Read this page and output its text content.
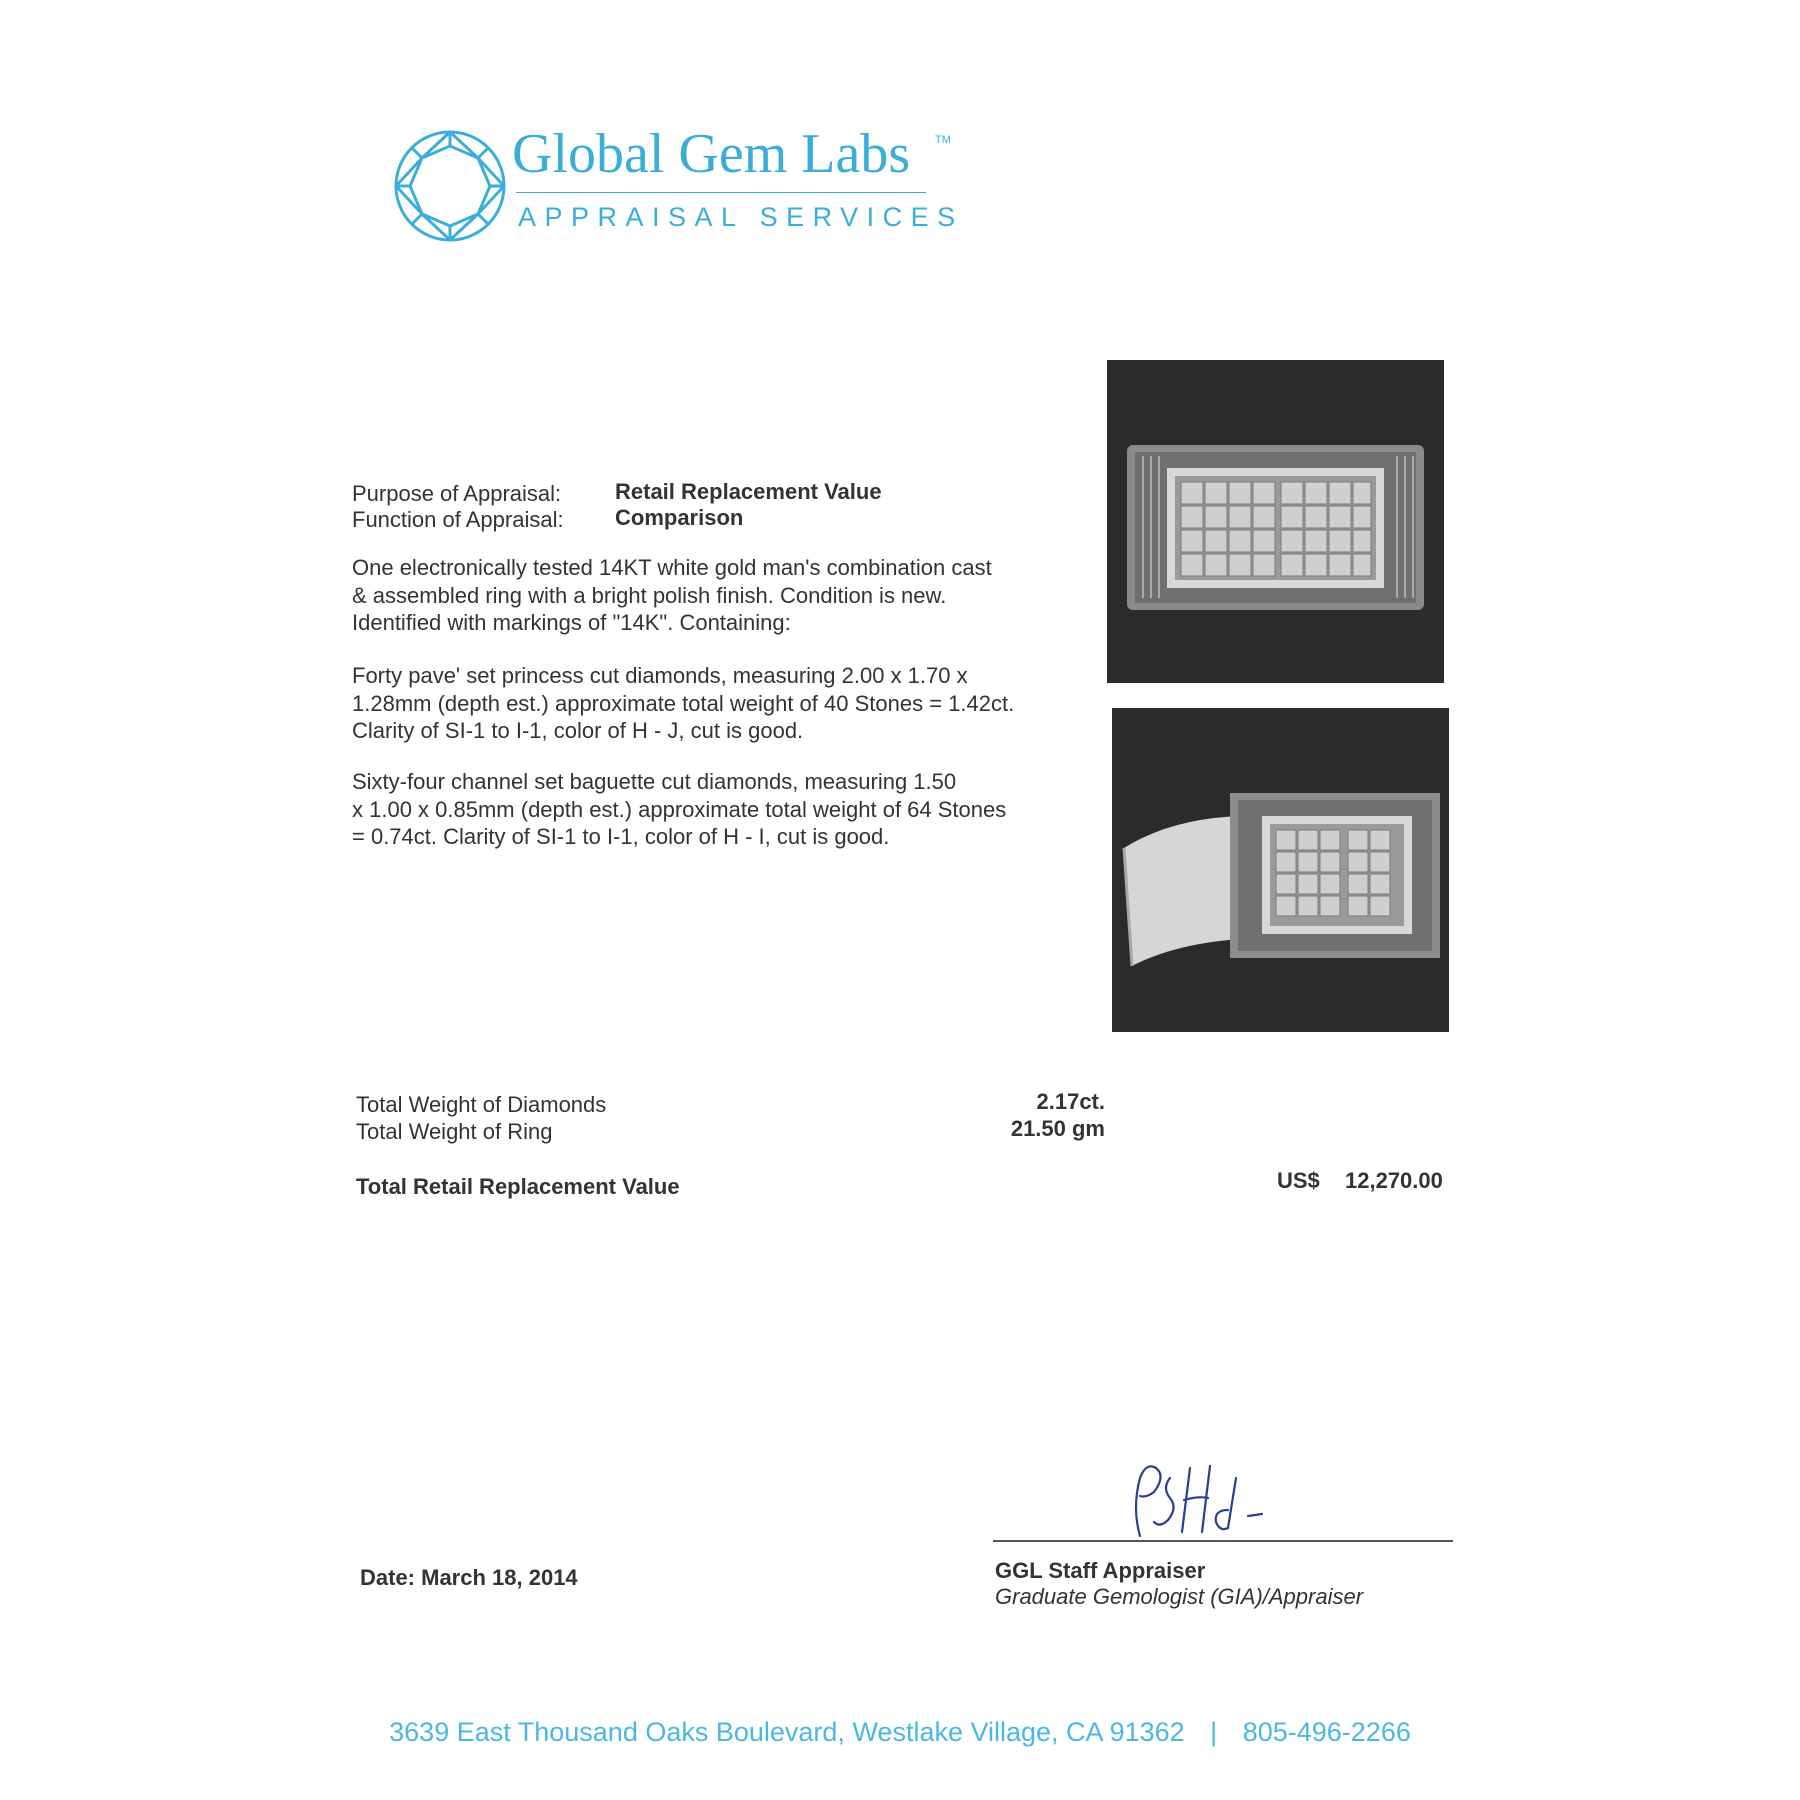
Global Gem Labs TM
APPRAISAL SERVICES
Purpose of Appraisal: Retail Replacement Value
Function of Appraisal: Comparison
One electronically tested 14KT white gold man's combination cast
& assembled ring with a bright polish finish. Condition is new.
Identified with markings of "14K". Containing:
Forty pave' set princess cut diamonds, measuring 2.00 x 1.70 x
1.28mm (depth est.) approximate total weight of 40 Stones = 1.42ct.
Clarity of SI-1 to I-1, color of H - J, cut is good.
Sixty-four channel set baguette cut diamonds, measuring 1.50
x 1.00 x 0.85mm (depth est.) approximate total weight of 64 Stones
= 0.74ct. Clarity of SI-1 to I-1, color of H - I, cut is good.
Total Weight of Diamonds	2.17ct.
Total Weight of Ring	21.50 gm
Total Retail Replacement Value	US$ 12,270.00
GGL Staff Appraiser
Graduate Gemologist (GIA)/Appraiser
Date: March 18, 2014
3639 East Thousand Oaks Boulevard, Westlake Village, CA 91362 | 805-496-2266
